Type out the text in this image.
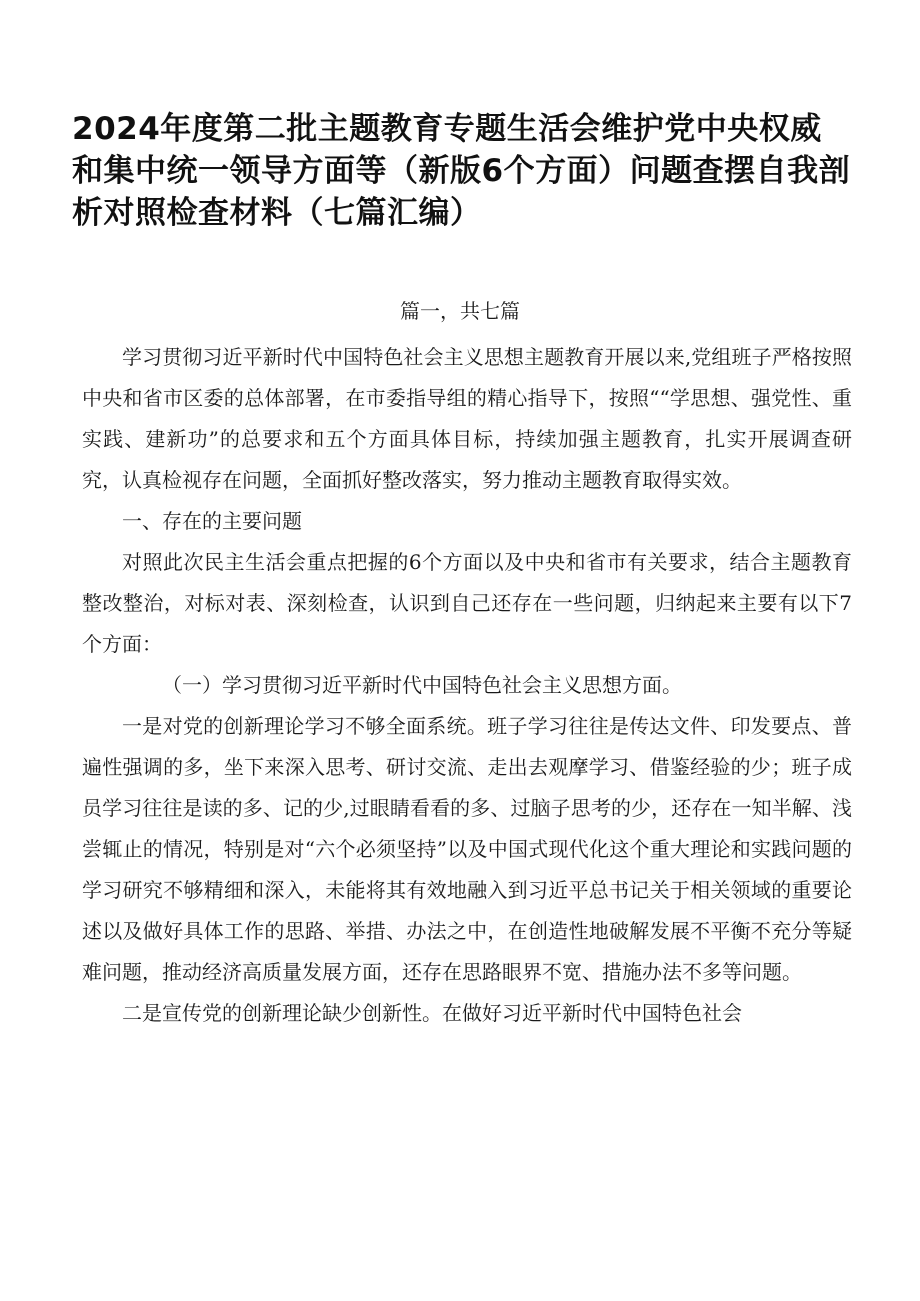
2024年度第二批主题教育专题生活会维护党中央权威和集中统一领导方面等（新版6个方面）问题查摆自我剖析对照检查材料（七篇汇编）
篇一，共七篇

学习贯彻习近平新时代中国特色社会主义思想主题教育开展以来,党组班子严格按照中央和省市区委的总体部署，在市委指导组的精心指导下，按照““学思想、强党性、重实践、建新功”的总要求和五个方面具体目标，持续加强主题教育，扎实开展调查研究，认真检视存在问题，全面抓好整改落实，努力推动主题教育取得实效。

一、存在的主要问题

对照此次民主生活会重点把握的6个方面以及中央和省市有关要求，结合主题教育整改整治，对标对表、深刻检查，认识到自己还存在一些问题，归纳起来主要有以下7个方面：

（一）学习贯彻习近平新时代中国特色社会主义思想方面。

一是对党的创新理论学习不够全面系统。班子学习往往是传达文件、印发要点、普遍性强调的多，坐下来深入思考、研讨交流、走出去观摩学习、借鉴经验的少；班子成员学习往往是读的多、记的少,过眼睛看看的多、过脑子思考的少，还存在一知半解、浅尝辄止的情况，特别是对“六个必须坚持”以及中国式现代化这个重大理论和实践问题的学习研究不够精细和深入，未能将其有效地融入到习近平总书记关于相关领域的重要论述以及做好具体工作的思路、举措、办法之中，在创造性地破解发展不平衡不充分等疑难问题，推动经济高质量发展方面，还存在思路眼界不宽、措施办法不多等问题。

二是宣传党的创新理论缺少创新性。在做好习近平新时代中国特色社会
